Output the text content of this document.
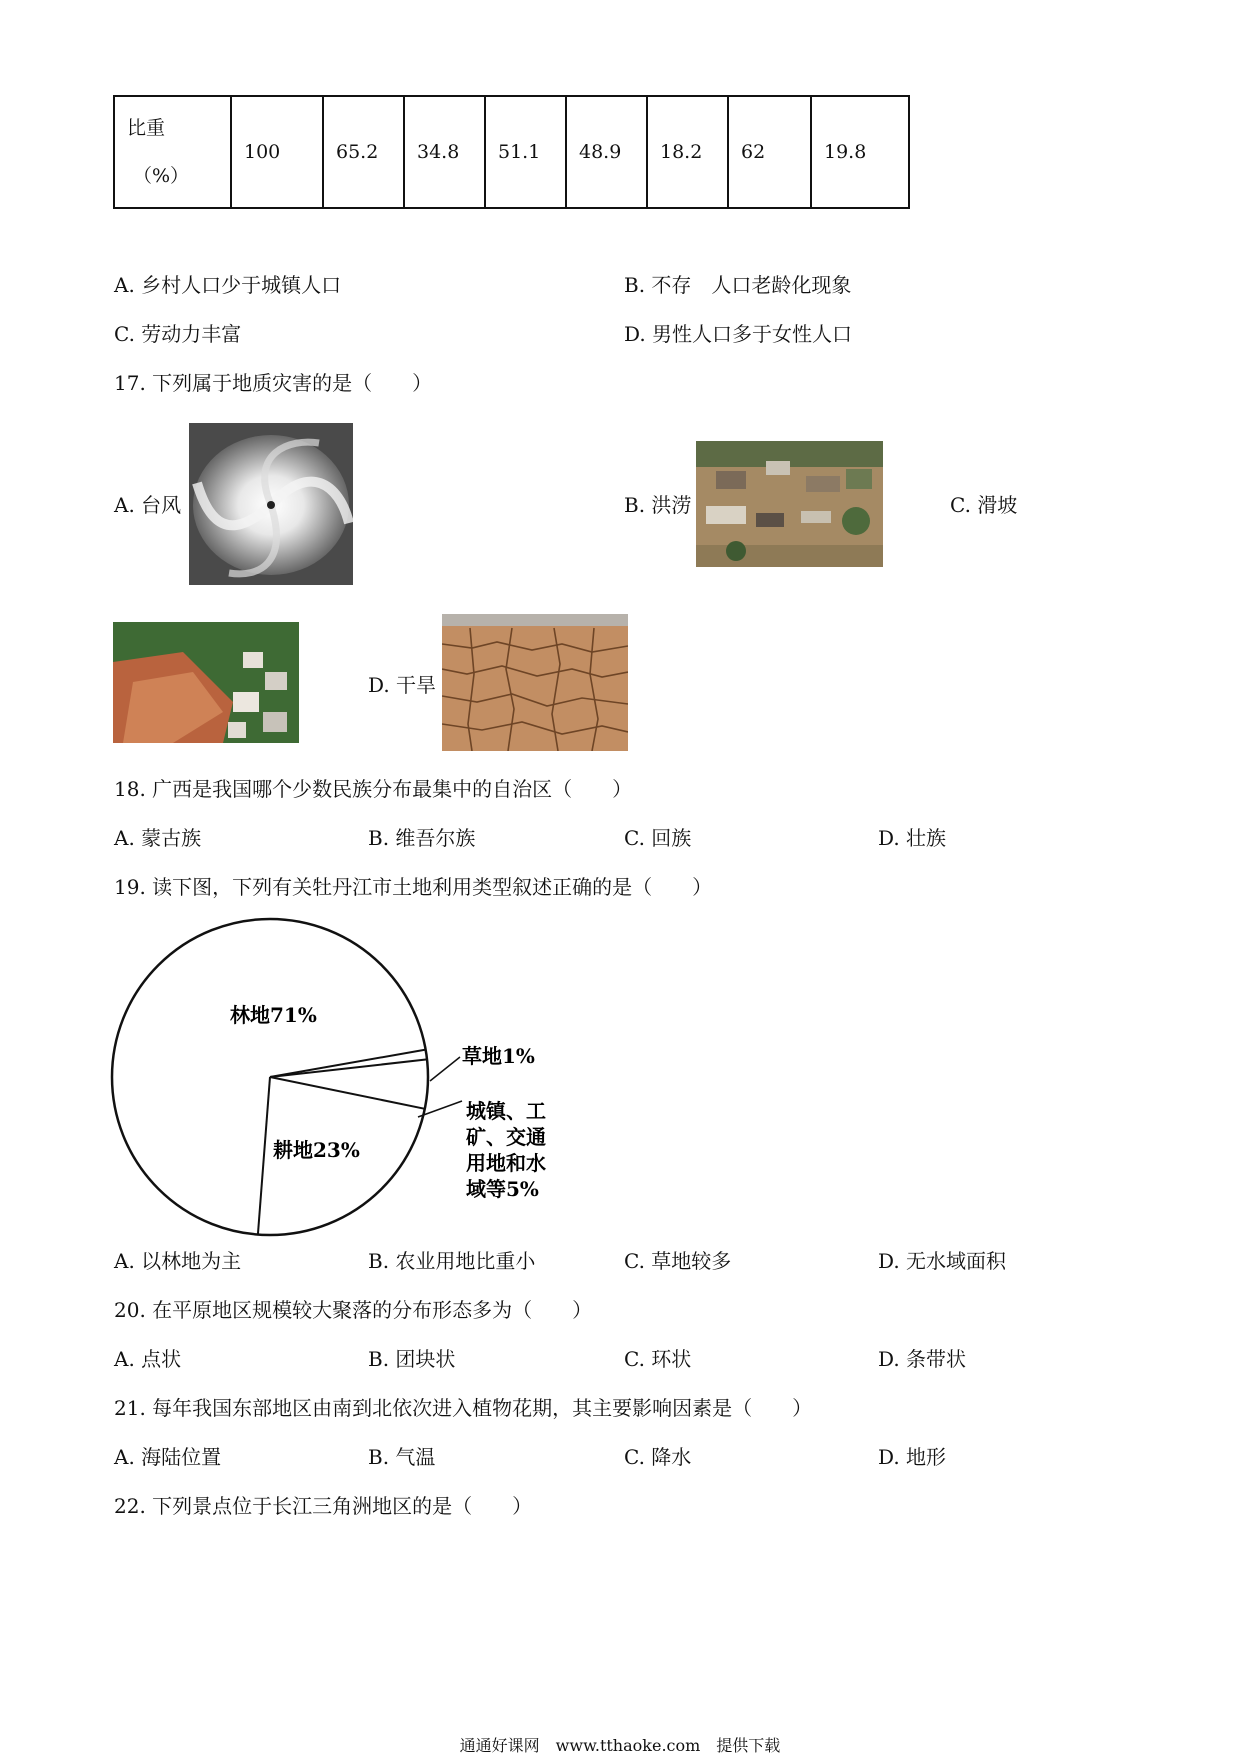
比重
（%）
	100	65.2	34.8	51.1	48.9	18.2	62	19.8
A. 乡村人口少于城镇人口	B. 不存　人口老龄化现象
C. 劳动力丰富	D. 男性人口多于女性人口
17. 下列属于地质灾害的是（　　）
A. 台风	B. 洪涝	C. 滑坡
D. 干旱
18. 广西是我国哪个少数民族分布最集中的自治区（　　）
A. 蒙古族	B. 维吾尔族	C. 回族	D. 壮族
19. 读下图，下列有关牡丹江市土地利用类型叙述正确的是（　　）
林地71%
耕地23%
草地1%
城镇、工
矿、交通
用地和水
域等5%
A. 以林地为主	B. 农业用地比重小	C. 草地较多	D. 无水域面积
20. 在平原地区规模较大聚落的分布形态多为（　　）
A. 点状	B. 团块状	C. 环状	D. 条带状
21. 每年我国东部地区由南到北依次进入植物花期，其主要影响因素是（　　）
A. 海陆位置	B. 气温	C. 降水	D. 地形
22. 下列景点位于长江三角洲地区的是（　　）
通通好课网　www.tthaoke.com　提供下载
